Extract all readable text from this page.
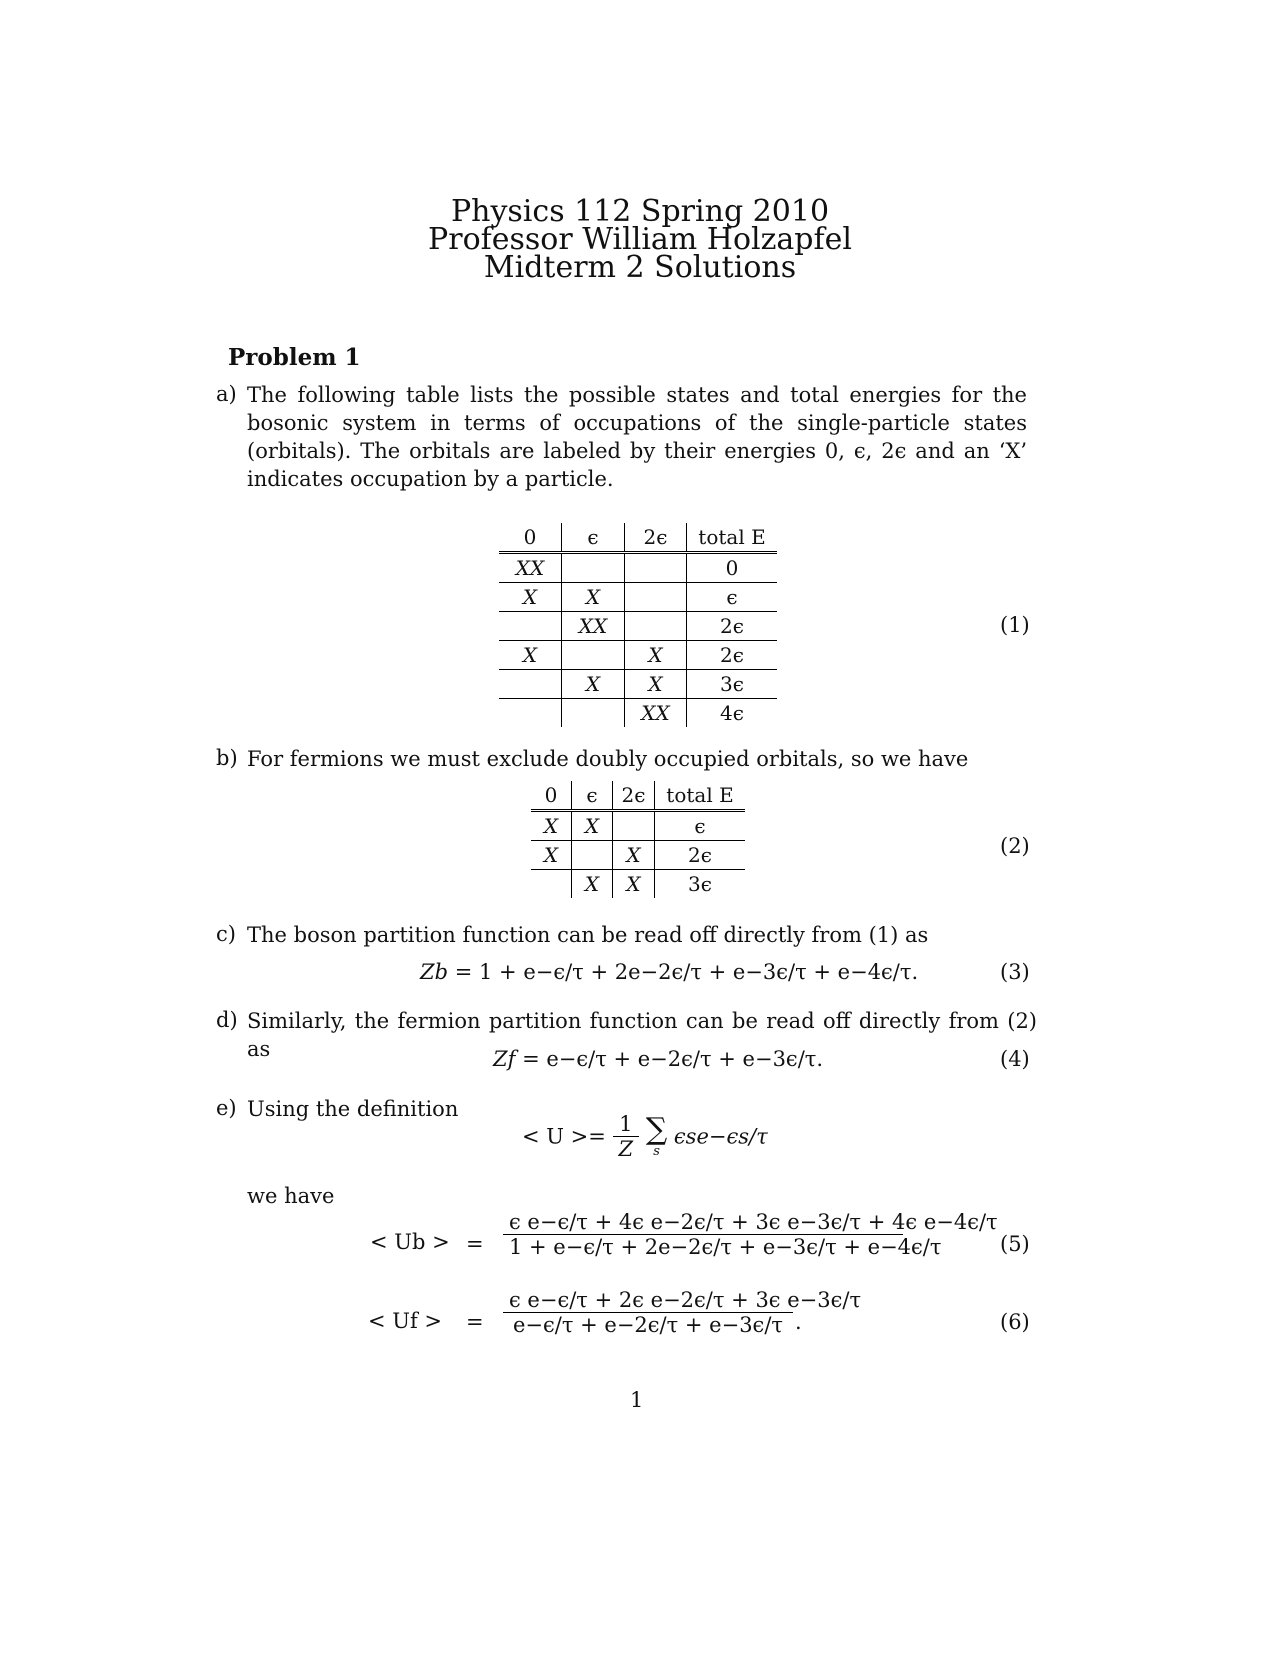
Physics 112 Spring 2010
Professor William Holzapfel
Midterm 2 Solutions
Problem 1
a) The following table lists the possible states and total energies for the bosonic system in terms of occupations of the single-particle states (orbitals). The orbitals are labeled by their energies 0, ϵ, 2ϵ and an ‘X’ indicates occupation by a particle.
0	ϵ	2ϵ	total E
XX			0
X	X		ϵ
	XX		2ϵ
X		X	2ϵ
	X	X	3ϵ
		XX	4ϵ
(1)
b) For fermions we must exclude doubly occupied orbitals, so we have
0	ϵ	2ϵ	total E
X	X		ϵ
X		X	2ϵ
	X	X	3ϵ
(2)
c) The boson partition function can be read off directly from (1) as
Zb = 1 + e−ϵ/τ + 2e−2ϵ/τ + e−3ϵ/τ + e−4ϵ/τ.	(3)
d) Similarly, the fermion partition function can be read off directly from (2) as	Zf = e−ϵ/τ + e−2ϵ/τ + e−3ϵ/τ.	(4)
e) Using the definition
< $U >= \frac{1}{Z}$
∑
s
ϵse−ϵs/τ
we have
< Ub > = $\frac{\text{ϵ e−ϵ/τ + 4ϵ e−2ϵ/τ + 3ϵ e−3ϵ/τ + 4ϵ e−4ϵ/τ}}{1 + e-\epsilon/\tau + 2e-2\epsilon/\tau + e-3\epsilon/\tau + e-4\epsilon/\tau}$	(5)
< Uf > = $\frac{\text{ϵ e−ϵ/τ + 2ϵ e−2ϵ/τ + 3ϵ e−3ϵ/τ}}{e-\epsilon/\tau + e-2\epsilon/\tau + e-3\epsilon/\tau}$ .	(6)
1
